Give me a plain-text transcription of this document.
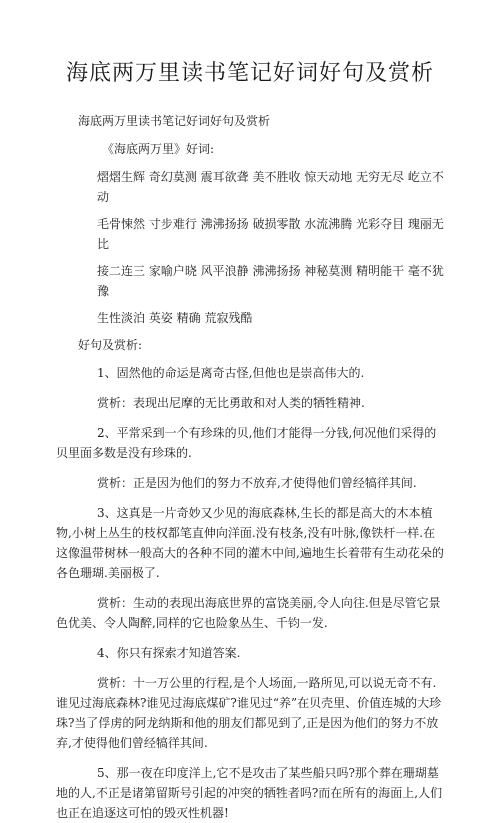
海底两万里读书笔记好词好句及赏析

海底两万里读书笔记好词好句及赏析

《海底两万里》好词:

熠熠生辉 奇幻莫测 震耳欲聋 美不胜收 惊天动地 无穷无尽 屹立不动

毛骨悚然 寸步难行 沸沸扬扬 破损零散 水流沸腾 光彩夺目 瑰丽无比

接二连三 家喻户晓 风平浪静 沸沸扬扬 神秘莫测 精明能干 毫不犹豫

生性淡泊 英姿 精确 荒寂残酷

好句及赏析:

1、固然他的命运是离奇古怪,但他也是崇高伟大的.

赏析：表现出尼摩的无比勇敢和对人类的牺牲精神.

2、平常采到一个有珍珠的贝,他们才能得一分钱,何况他们采得的贝里面多数是没有珍珠的.

赏析：正是因为他们的努力不放弃,才使得他们曾经犒徉其间.

3、这真是一片奇妙又少见的海底森林,生长的都是高大的木本植物,小树上丛生的枝权都笔直伸向洋面.没有枝条,没有叶脉,像铁杆一样.在这像温带树林一般高大的各种不同的灌木中间,遍地生长着带有生动花朵的各色珊瑚.美丽极了.

赏析：生动的表现出海底世界的富饶美丽,令人向往.但是尽管它景色优美、令人陶醉,同样的它也险象丛生、千钧一发.

4、你只有探索才知道答案.

赏析：十一万公里的行程,是个人场面,一路所见,可以说无奇不有.谁见过海底森林?谁见过海底煤矿?谁见过“养”在贝壳里、价值连城的大珍珠?当了俘虏的阿龙纳斯和他的朋友们都见到了,正是因为他们的努力不放弃,才使得他们曾经犒徉其间.

5、那一夜在印度洋上,它不是攻击了某些船只吗?那个葬在珊瑚墓地的人,不正是诸第留斯号引起的冲突的牺牲者吗?而在所有的海面上,人们也正在追逐这可怕的毁灭性机器!
